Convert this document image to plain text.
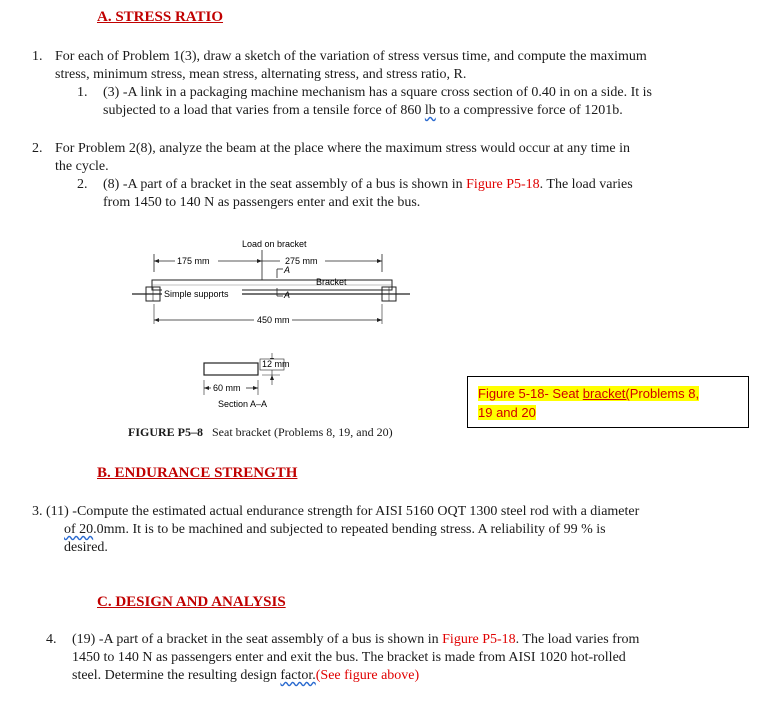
A. STRESS RATIO
1. For each of Problem 1(3), draw a sketch of the variation of stress versus time, and compute the maximum
stress, minimum stress, mean stress, alternating stress, and stress ratio, R.
1. (3) -A link in a packaging machine mechanism has a square cross section of 0.40 in on a side. It is
subjected to a load that varies from a tensile force of 860 lb to a compressive force of 1201b.
2. For Problem 2(8), analyze the beam at the place where the maximum stress would occur at any time in
the cycle.
2. (8) -A part of a bracket in the seat assembly of a bus is shown in Figure P5-18. The load varies
from 1450 to 140 N as passengers enter and exit the bus.
Load on bracket
175 mm	275 mm
A
Bracket
Simple supports	A
450 mm
12 mm
60 mm
Section A–A
FIGURE P5–8 Seat bracket (Problems 8, 19, and 20)
Figure 5-18- Seat bracket(Problems 8,
19 and 20
B. ENDURANCE STRENGTH
3. (11) -Compute the estimated actual endurance strength for AISI 5160 OQT 1300 steel rod with a diameter
of 20.0mm. It is to be machined and subjected to repeated bending stress. A reliability of 99 % is
desired.
C. DESIGN AND ANALYSIS
4. (19) -A part of a bracket in the seat assembly of a bus is shown in Figure P5-18. The load varies from
1450 to 140 N as passengers enter and exit the bus. The bracket is made from AISI 1020 hot-rolled
steel. Determine the resulting design factor.(See figure above)
